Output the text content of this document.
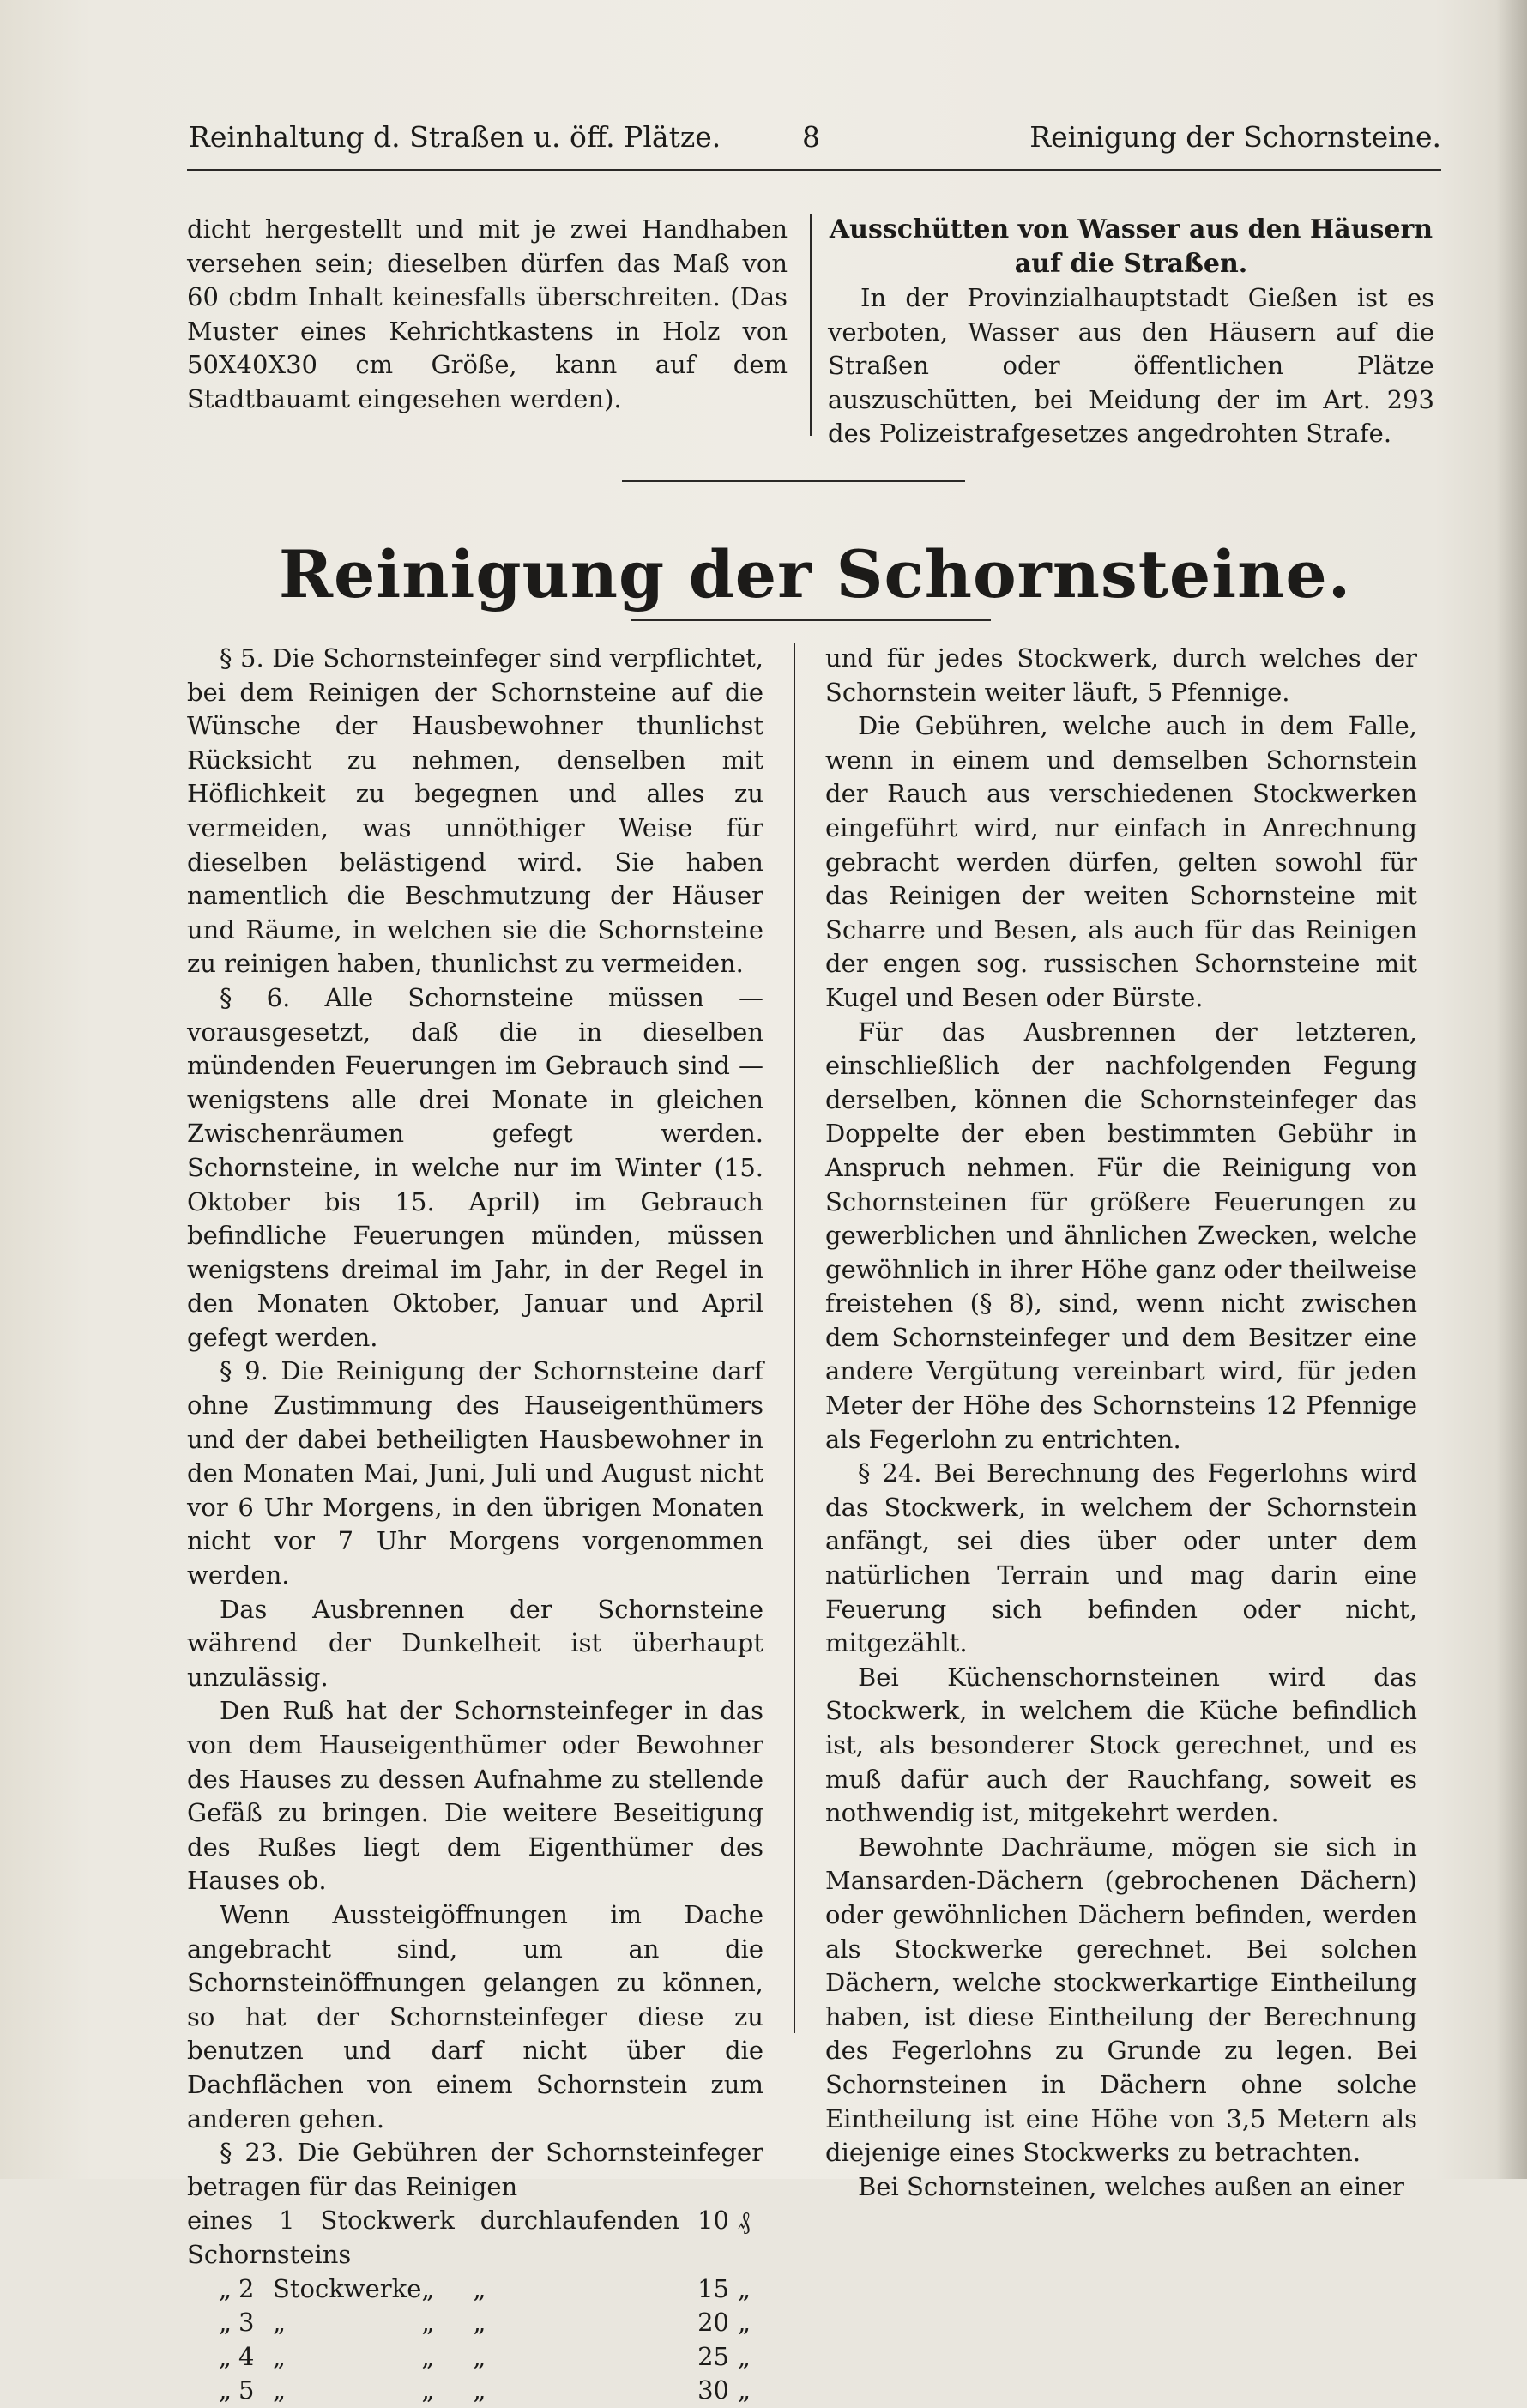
Reinhaltung d. Straßen u. öff. Plätze.	8	Reinigung der Schornsteine.

dicht hergestellt und mit je zwei Handhaben versehen sein; dieselben dürfen das Maß von 60 cbdm Inhalt keinesfalls überschreiten. (Das Muster eines Kehrichtkastens in Holz von 50X40X30 cm Größe, kann auf dem Stadtbauamt eingesehen werden).

Ausschütten von Wasser aus den Häusern auf die Straßen.

In der Provinzialhauptstadt Gießen ist es verboten, Wasser aus den Häusern auf die Straßen oder öffentlichen Plätze auszuschütten, bei Meidung der im Art. 293 des Polizeistrafgesetzes angedrohten Strafe.

Reinigung der Schornsteine.

§ 5. Die Schornsteinfeger sind verpflichtet, bei dem Reinigen der Schornsteine auf die Wünsche der Hausbewohner thunlichst Rücksicht zu nehmen, denselben mit Höflichkeit zu begegnen und alles zu vermeiden, was unnöthiger Weise für dieselben belästigend wird. Sie haben namentlich die Beschmutzung der Häuser und Räume, in welchen sie die Schornsteine zu reinigen haben, thunlichst zu vermeiden.

§ 6. Alle Schornsteine müssen — vorausgesetzt, daß die in dieselben mündenden Feuerungen im Gebrauch sind — wenigstens alle drei Monate in gleichen Zwischenräumen gefegt werden. Schornsteine, in welche nur im Winter (15. Oktober bis 15. April) im Gebrauch befindliche Feuerungen münden, müssen wenigstens dreimal im Jahr, in der Regel in den Monaten Oktober, Januar und April gefegt werden.

§ 9. Die Reinigung der Schornsteine darf ohne Zustimmung des Hauseigenthümers und der dabei betheiligten Hausbewohner in den Monaten Mai, Juni, Juli und August nicht vor 6 Uhr Morgens, in den übrigen Monaten nicht vor 7 Uhr Morgens vorgenommen werden.

Das Ausbrennen der Schornsteine während der Dunkelheit ist überhaupt unzulässig.

Den Ruß hat der Schornsteinfeger in das von dem Hauseigenthümer oder Bewohner des Hauses zu dessen Aufnahme zu stellende Gefäß zu bringen. Die weitere Beseitigung des Rußes liegt dem Eigenthümer des Hauses ob.

Wenn Aussteigöffnungen im Dache angebracht sind, um an die Schornsteinöffnungen gelangen zu können, so hat der Schornsteinfeger diese zu benutzen und darf nicht über die Dachflächen von einem Schornstein zum anderen gehen.

§ 23. Die Gebühren der Schornsteinfeger betragen für das Reinigen

eines 1 Stockwerk durchlaufenden Schornsteins						10	₰
„	2	Stockwerke	„	„		15	„
„	3	„	„	„		20	„
„	4	„	„	„		25	„
„	5	„	„	„		30	„

und für jedes Stockwerk, durch welches der Schornstein weiter läuft, 5 Pfennige.

Die Gebühren, welche auch in dem Falle, wenn in einem und demselben Schornstein der Rauch aus verschiedenen Stockwerken eingeführt wird, nur einfach in Anrechnung gebracht werden dürfen, gelten sowohl für das Reinigen der weiten Schornsteine mit Scharre und Besen, als auch für das Reinigen der engen sog. russischen Schornsteine mit Kugel und Besen oder Bürste.

Für das Ausbrennen der letzteren, einschließlich der nachfolgenden Fegung derselben, können die Schornsteinfeger das Doppelte der eben bestimmten Gebühr in Anspruch nehmen. Für die Reinigung von Schornsteinen für größere Feuerungen zu gewerblichen und ähnlichen Zwecken, welche gewöhnlich in ihrer Höhe ganz oder theilweise freistehen (§ 8), sind, wenn nicht zwischen dem Schornsteinfeger und dem Besitzer eine andere Vergütung vereinbart wird, für jeden Meter der Höhe des Schornsteins 12 Pfennige als Fegerlohn zu entrichten.

§ 24. Bei Berechnung des Fegerlohns wird das Stockwerk, in welchem der Schornstein anfängt, sei dies über oder unter dem natürlichen Terrain und mag darin eine Feuerung sich befinden oder nicht, mitgezählt.

Bei Küchenschornsteinen wird das Stockwerk, in welchem die Küche befindlich ist, als besonderer Stock gerechnet, und es muß dafür auch der Rauchfang, soweit es nothwendig ist, mitgekehrt werden.

Bewohnte Dachräume, mögen sie sich in Mansarden-Dächern (gebrochenen Dächern) oder gewöhnlichen Dächern befinden, werden als Stockwerke gerechnet. Bei solchen Dächern, welche stockwerkartige Eintheilung haben, ist diese Eintheilung der Berechnung des Fegerlohns zu Grunde zu legen. Bei Schornsteinen in Dächern ohne solche Eintheilung ist eine Höhe von 3,5 Metern als diejenige eines Stockwerks zu betrachten.

Bei Schornsteinen, welches außen an einer
